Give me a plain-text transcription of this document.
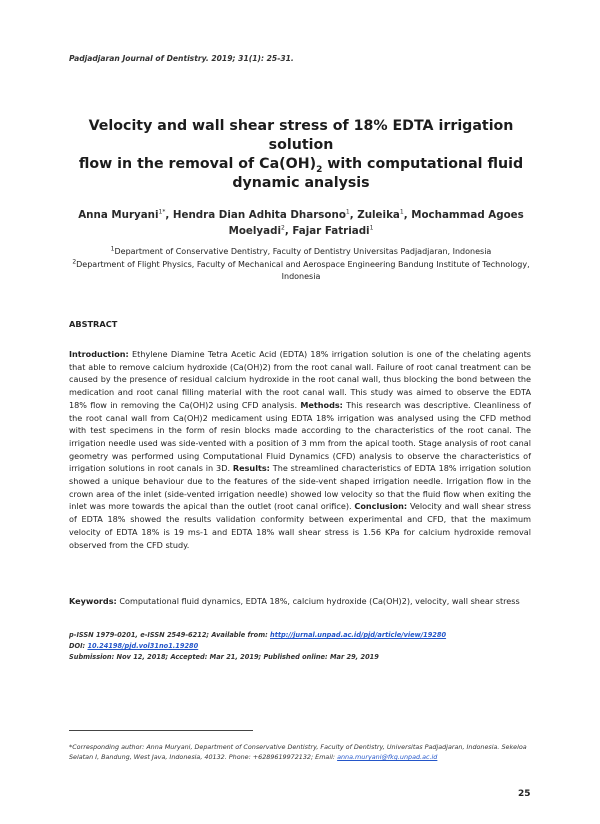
Padjadjaran Journal of Dentistry. 2019; 31(1): 25-31.
Velocity and wall shear stress of 18% EDTA irrigation solution
flow in the removal of $Ca(OH)_2$ with computational fluid
dynamic analysis
Anna Muryani$^{1*}$, Hendra Dian Adhita Dharsono$^1$, Zuleika$^1$, Mochammad Agoes Moelyadi$^2$, Fajar Fatriadi$^1$
$^1$Department of Conservative Dentistry, Faculty of Dentistry Universitas Padjadjaran, Indonesia
$^2$Department of Flight Physics, Faculty of Mechanical and Aerospace Engineering Bandung Institute of Technology, Indonesia
ABSTRACT
Introduction: Ethylene Diamine Tetra Acetic Acid (EDTA) 18% irrigation solution is one of the chelating agents that able to remove calcium hydroxide (Ca(OH)2) from the root canal wall. Failure of root canal treatment can be caused by the presence of residual calcium hydroxide in the root canal wall, thus blocking the bond between the medication and root canal filling material with the root canal wall. This study was aimed to observe the EDTA 18% flow in removing the Ca(OH)2 using CFD analysis. Methods: This research was descriptive. Cleanliness of the root canal wall from Ca(OH)2 medicament using EDTA 18% irrigation was analysed using the CFD method with test specimens in the form of resin blocks made according to the characteristics of the root canal. The irrigation needle used was side-vented with a position of 3 mm from the apical tooth. Stage analysis of root canal geometry was performed using Computational Fluid Dynamics (CFD) analysis to observe the characteristics of irrigation solutions in root canals in 3D. Results: The streamlined characteristics of EDTA 18% irrigation solution showed a unique behaviour due to the features of the side-vent shaped irrigation needle. Irrigation flow in the crown area of the inlet (side-vented irrigation needle) showed low velocity so that the fluid flow when exiting the inlet was more towards the apical than the outlet (root canal orifice). Conclusion: Velocity and wall shear stress of EDTA 18% showed the results validation conformity between experimental and CFD, that the maximum velocity of EDTA 18% is 19 ms-1 and EDTA 18% wall shear stress is 1.56 KPa for calcium hydroxide removal observed from the CFD study.
Keywords: Computational fluid dynamics, EDTA 18%, calcium hydroxide (Ca(OH)2), velocity, wall shear stress
p-ISSN 1979-0201, e-ISSN 2549-6212; Available from: http://jurnal.unpad.ac.id/pjd/article/view/19280
DOI: 10.24198/pjd.vol31no1.19280
Submission: Nov 12, 2018; Accepted: Mar 21, 2019; Published online: Mar 29, 2019
*Corresponding author: Anna Muryani, Department of Conservative Dentistry, Faculty of Dentistry, Universitas Padjadjaran, Indonesia. Sekeloa Selatan I, Bandung, West Java, Indonesia, 40132. Phone: +6289619972132; Email: anna.muryani@fkg.unpad.ac.id
25
